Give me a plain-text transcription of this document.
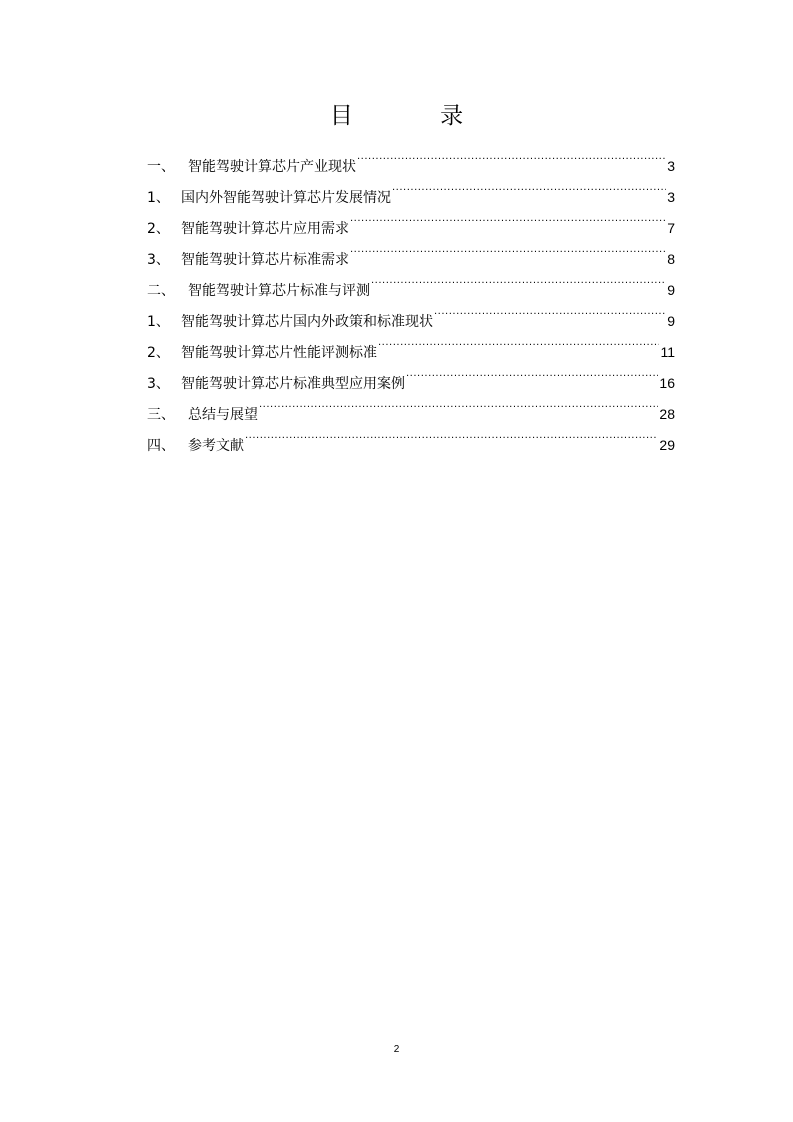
目 录
一、 智能驾驶计算芯片产业现状 .....	3
1、 国内外智能驾驶计算芯片发展情况 .....	3
2、 智能驾驶计算芯片应用需求 .....	7
3、 智能驾驶计算芯片标准需求 .....	8
二、 智能驾驶计算芯片标准与评测 .....	9
1、 智能驾驶计算芯片国内外政策和标准现状 .....	9
2、 智能驾驶计算芯片性能评测标准 .....	11
3、 智能驾驶计算芯片标准典型应用案例 .....	16
三、 总结与展望 .....	28
四、 参考文献 .....	29
2
